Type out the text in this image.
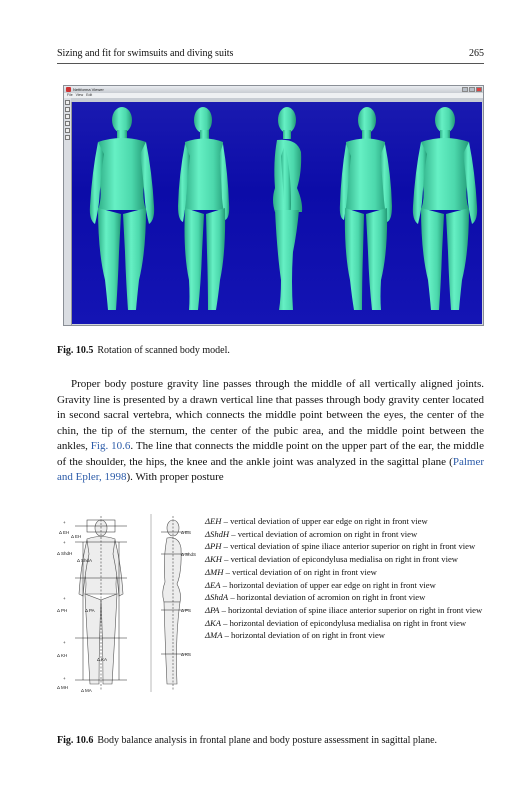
Sizing and fit for swimsuits and diving suits	265
Nettforma Viewer
File View Edit
Fig. 10.5 Rotation of scanned body model.

Proper body posture gravity line passes through the middle of all vertically aligned joints. Gravity line is presented by a drawn vertical line that passes through body gravity center located in second sacral vertebra, which connects the middle point between the eyes, the center of the chin, the tip of the sternum, the center of the pubic area, and the middle point between the ankles, Fig. 10.6. The line that connects the middle point on the upper part of the ear, the middle of the shoulder, the hips, the knee and the ankle joint was analyzed in the sagittal plane (Palmer and Epler, 1998). With proper posture

+
Δ EH
Δ EH
+
Δ ShdH
Δ ShdA
+
Δ PH	Δ PA
+
Δ KH
Δ KA
+
Δ MH
Δ MA
Δ ES
Δ ShdS
Δ PS
Δ KS

ΔEH – vertical deviation of upper ear edge on right in front view

ΔShdH – vertical deviation of acromion on right in front view

ΔPH – vertical deviation of spine iliace anterior superior on right in front view

ΔKH – vertical deviation of epicondylusa medialisa on right in front view

ΔMH – vertical deviation of on right in front view

ΔEA – horizontal deviation of upper ear edge on right in front view

ΔShdA – horizontal deviation of acromion on right in front view

ΔPA – horizontal deviation of spine iliace anterior superior on right in front view

ΔKA – horizontal deviation of epicondylusa medialisa on right in front view

ΔMA – horizontal deviation of on right in front view

Fig. 10.6 Body balance analysis in frontal plane and body posture assessment in sagittal plane.
